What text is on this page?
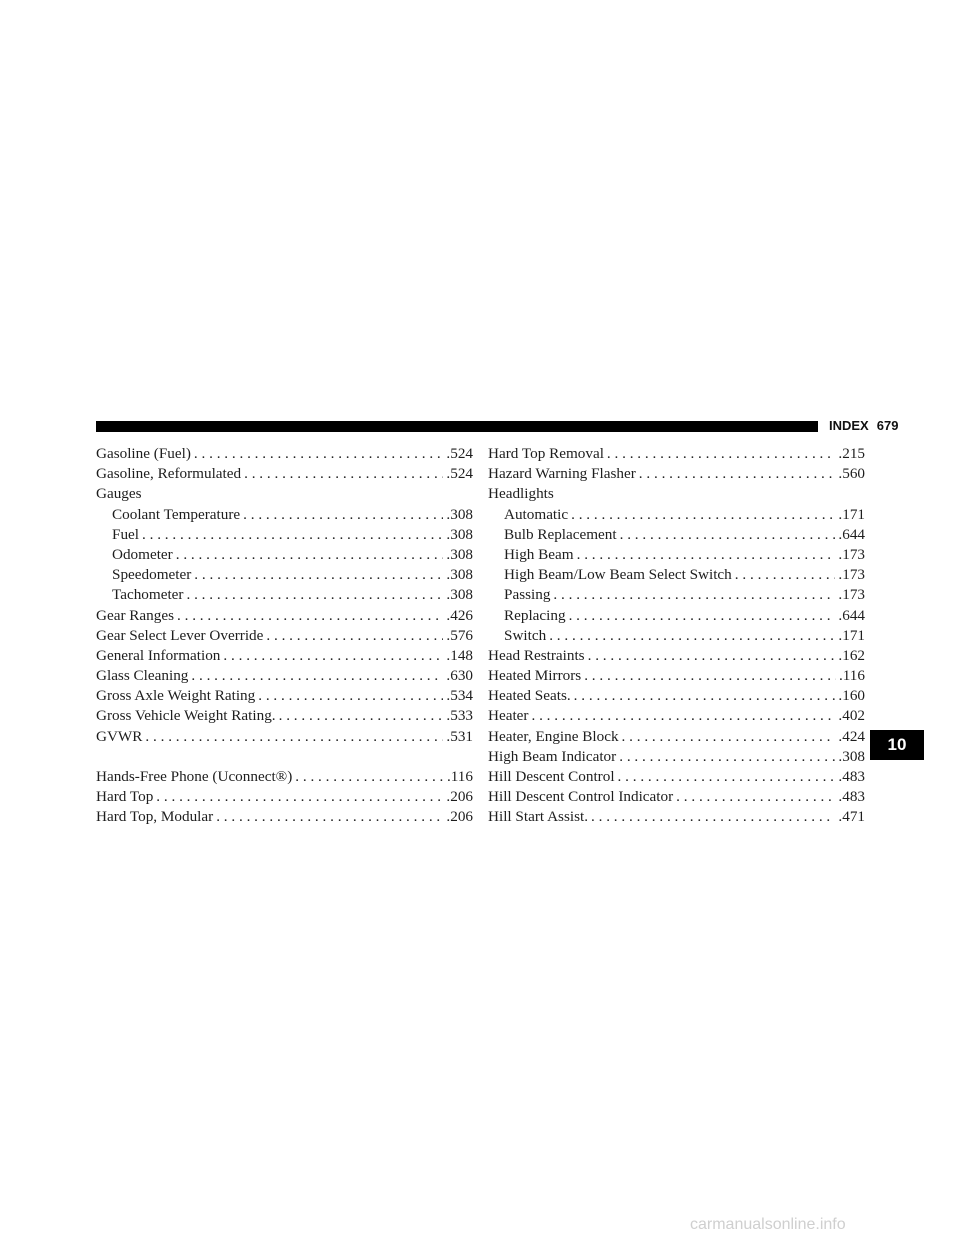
INDEX 679
Gasoline (Fuel) . . .	.524
Gasoline, Reformulated . . .	.524
Gauges
Coolant Temperature . . .	.308
Fuel . . .	.308
Odometer . . .	.308
Speedometer . . .	.308
Tachometer . . .	.308
Gear Ranges . . .	.426
Gear Select Lever Override . . .	.576
General Information . . .	.148
Glass Cleaning . . .	.630
Gross Axle Weight Rating . . .	.534
Gross Vehicle Weight Rating. . . .	.533
GVWR . . .	.531
Hands-Free Phone (Uconnect®) . . .	.116
Hard Top . . .	.206
Hard Top, Modular . . .	.206
Hard Top Removal . . .	.215
Hazard Warning Flasher . . .	.560
Headlights
Automatic . . .	.171
Bulb Replacement . . .	.644
High Beam . . .	.173
High Beam/Low Beam Select Switch . . .	.173
Passing . . .	.173
Replacing . . .	.644
Switch . . .	.171
Head Restraints . . .	.162
Heated Mirrors . . .	.116
Heated Seats. . . .	.160
Heater . . .	.402
Heater, Engine Block . . .	.424
High Beam Indicator . . .	.308
Hill Descent Control . . .	.483
Hill Descent Control Indicator . . .	.483
Hill Start Assist. . . .	.471
10
carmanualsonline.info
